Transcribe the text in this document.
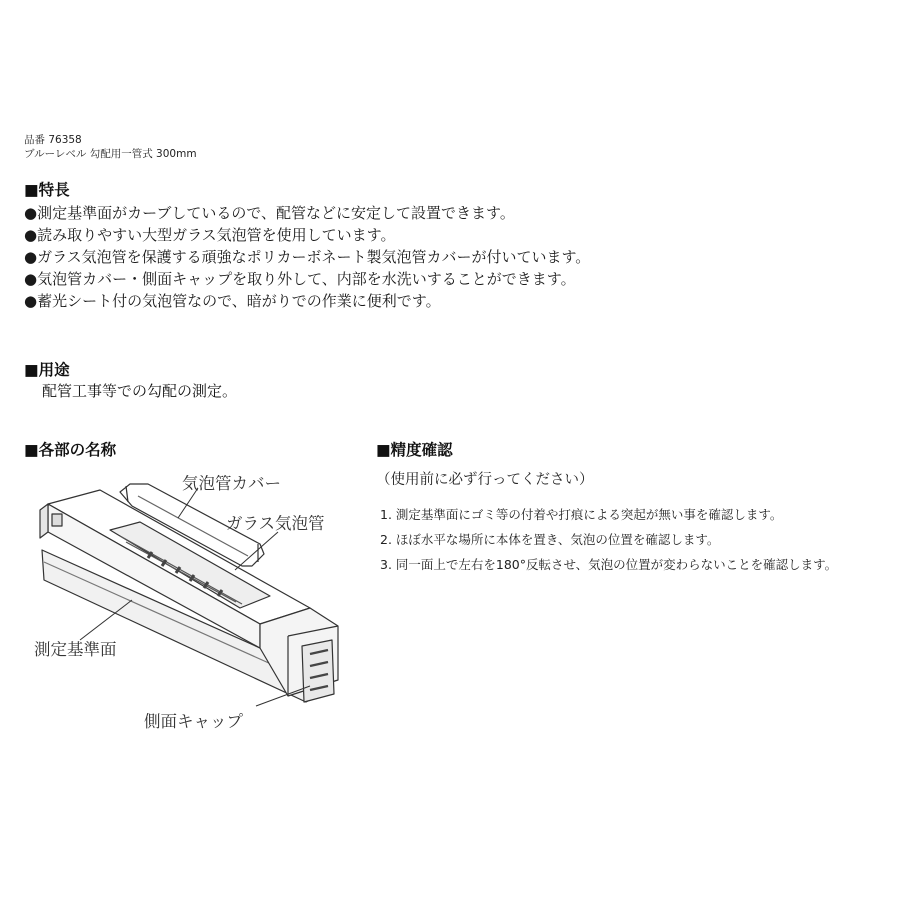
品番 76358
ブルーレベル 勾配用一管式 300mm
■特長
●測定基準面がカーブしているので、配管などに安定して設置できます。
●読み取りやすい大型ガラス気泡管を使用しています。
●ガラス気泡管を保護する頑強なポリカーボネート製気泡管カバーが付いています。
●気泡管カバー・側面キャップを取り外して、内部を水洗いすることができます。
●蓄光シート付の気泡管なので、暗がりでの作業に便利です。
■用途
配管工事等での勾配の測定。
■各部の名称	■精度確認
（使用前に必ず行ってください）
1. 測定基準面にゴミ等の付着や打痕による突起が無い事を確認します。
2. ほぼ水平な場所に本体を置き、気泡の位置を確認します。
3. 同一面上で左右を180°反転させ、気泡の位置が変わらないことを確認します。
気泡管カバー
ガラス気泡管
測定基準面
側面キャップ
